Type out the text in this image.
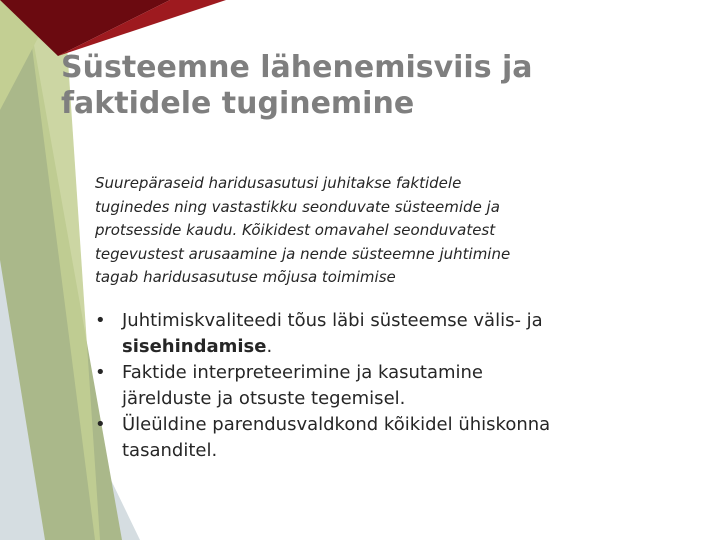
Süsteemne lähenemisviis ja
faktidele tuginemine

Suurepäraseid haridusasutusi juhitakse faktidele
tuginedes ning vastastikku seonduvate süsteemide ja
protsesside kaudu. Kõikidest omavahel seonduvatest
tegevustest arusaamine ja nende süsteemne juhtimine
tagab haridusasutuse mõjusa toimimise

• Juhtimiskvaliteedi tõus läbi süsteemse välis- ja
sisehindamise.
• Faktide interpreteerimine ja kasutamine
järelduste ja otsuste tegemisel.
• Üleüldine parendusvaldkond kõikidel ühiskonna
tasanditel.
